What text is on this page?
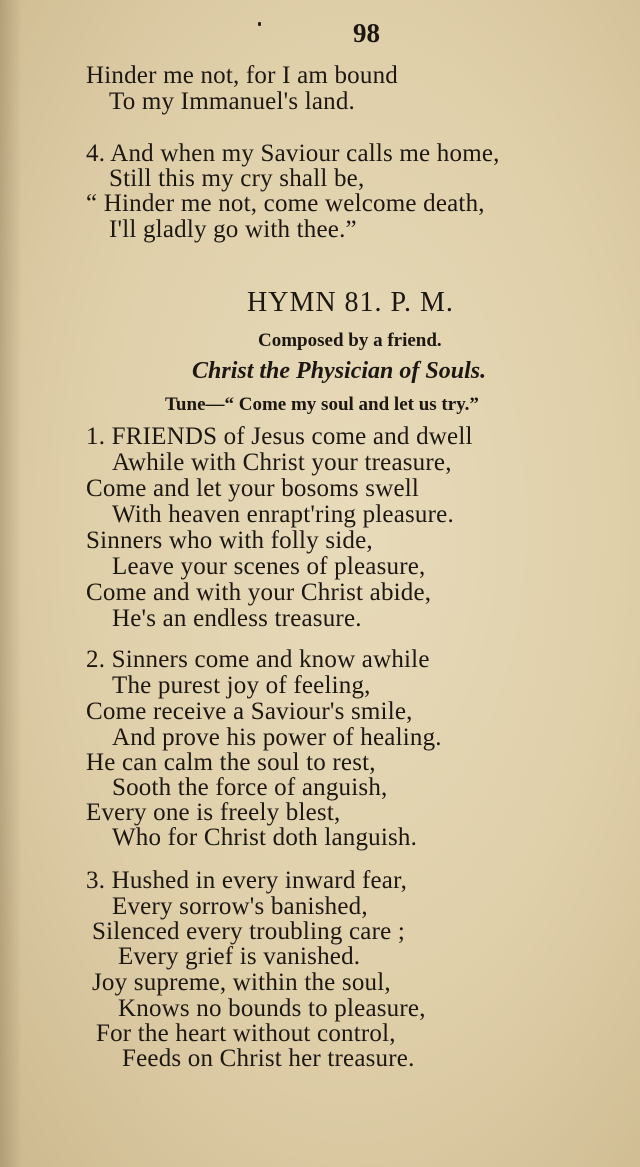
98
Hinder me not, for I am bound
To my Immanuel's land.
4. And when my Saviour calls me home,
Still this my cry shall be,
“ Hinder me not, come welcome death,
I'll gladly go with thee.”
HYMN 81. P. M.
Composed by a friend.
Christ the Physician of Souls.
Tune—“ Come my soul and let us try.”
1. FRIENDS of Jesus come and dwell
Awhile with Christ your treasure,
Come and let your bosoms swell
With heaven enrapt'ring pleasure.
Sinners who with folly side,
Leave your scenes of pleasure,
Come and with your Christ abide,
He's an endless treasure.
2. Sinners come and know awhile
The purest joy of feeling,
Come receive a Saviour's smile,
And prove his power of healing.
He can calm the soul to rest,
Sooth the force of anguish,
Every one is freely blest,
Who for Christ doth languish.
3. Hushed in every inward fear,
Every sorrow's banished,
Silenced every troubling care ;
Every grief is vanished.
Joy supreme, within the soul,
Knows no bounds to pleasure,
For the heart without control,
Feeds on Christ her treasure.
